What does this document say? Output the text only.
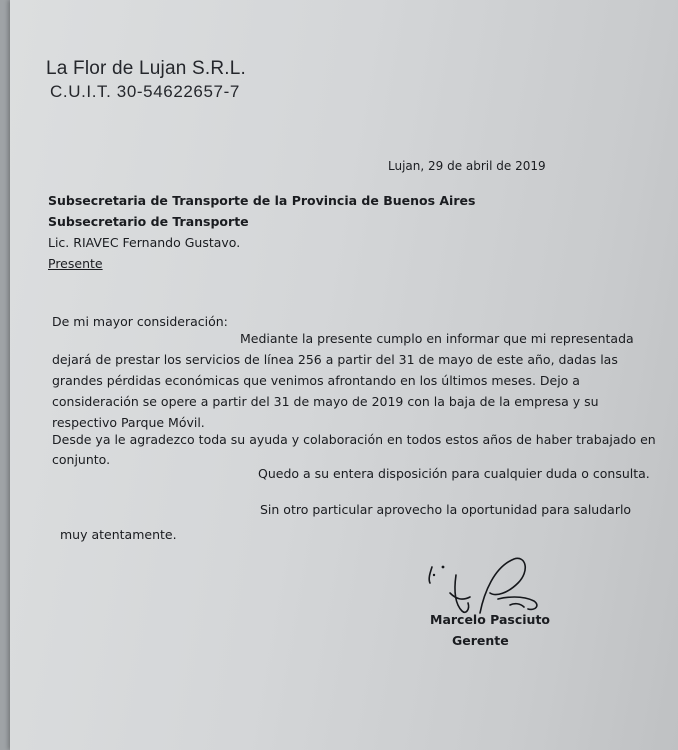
La Flor de Lujan S.R.L.
C.U.I.T. 30-54622657-7
Lujan, 29 de abril de 2019
Subsecretaria de Transporte de la Provincia de Buenos Aires
Subsecretario de Transporte
Lic. RIAVEC Fernando Gustavo.
Presente
De mi mayor consideración:
Mediante la presente cumplo en informar que mi representada
dejará de prestar los servicios de línea 256 a partir del 31 de mayo de este año, dadas las
grandes pérdidas económicas que venimos afrontando en los últimos meses. Dejo a
consideración se opere a partir del 31 de mayo de 2019 con la baja de la empresa y su
respectivo Parque Móvil.
Desde ya le agradezco toda su ayuda y colaboración en todos estos años de haber trabajado en
conjunto.
Quedo a su entera disposición para cualquier duda o consulta.
Sin otro particular aprovecho la oportunidad para saludarlo
muy atentamente.
Marcelo Pasciuto
Gerente
